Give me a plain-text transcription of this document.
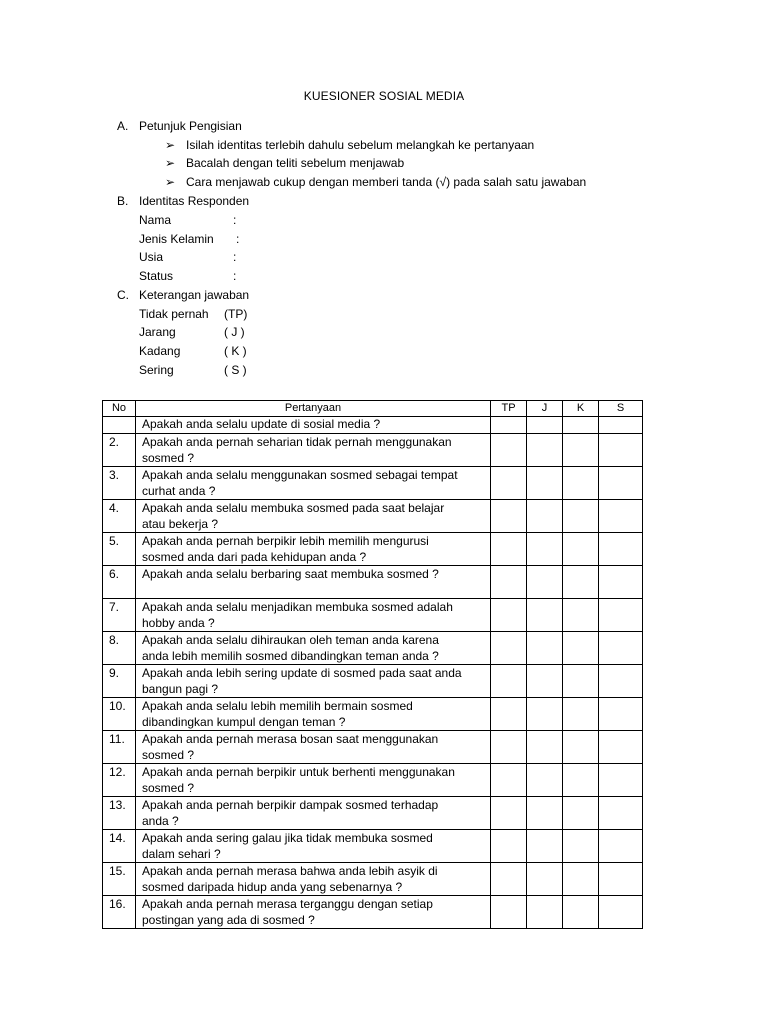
KUESIONER SOSIAL MEDIA
A. Petunjuk Pengisian
➢ Isilah identitas terlebih dahulu sebelum melangkah ke pertanyaan
➢ Bacalah dengan teliti sebelum menjawab
➢ Cara menjawab cukup dengan memberi tanda (√) pada salah satu jawaban
B. Identitas Responden
Nama	:
Jenis Kelamin :
Usia	:
Status	:
C. Keterangan jawaban
Tidak pernah (TP)
Jarang	( J )
Kadang	( K )
Sering	( S )
No	Pertanyaan	TP	J	K	S

	Apakah anda selalu update di sosial media ?				

2.	Apakah anda pernah seharian tidak pernah menggunakan
sosmed ?				

3.	Apakah anda selalu menggunakan sosmed sebagai tempat
curhat anda ?				

4.	Apakah anda selalu membuka sosmed pada saat belajar
atau bekerja ?				

5.	Apakah anda pernah berpikir lebih memilih mengurusi
sosmed anda dari pada kehidupan anda ?				

6.	Apakah anda selalu berbaring saat membuka sosmed ?				

7.	Apakah anda selalu menjadikan membuka sosmed adalah
hobby anda ?				

8.	Apakah anda selalu dihiraukan oleh teman anda karena
anda lebih memilih sosmed dibandingkan teman anda ?				

9.	Apakah anda lebih sering update di sosmed pada saat anda
bangun pagi ?				

10.	Apakah anda selalu lebih memilih bermain sosmed
dibandingkan kumpul dengan teman ?				

11.	Apakah anda pernah merasa bosan saat menggunakan
sosmed ?				

12.	Apakah anda pernah berpikir untuk berhenti menggunakan
sosmed ?				

13.	Apakah anda pernah berpikir dampak sosmed terhadap
anda ?				

14.	Apakah anda sering galau jika tidak membuka sosmed
dalam sehari ?				

15.	Apakah anda pernah merasa bahwa anda lebih asyik di
sosmed daripada hidup anda yang sebenarnya ?				

16.	Apakah anda pernah merasa terganggu dengan setiap
postingan yang ada di sosmed ?				
